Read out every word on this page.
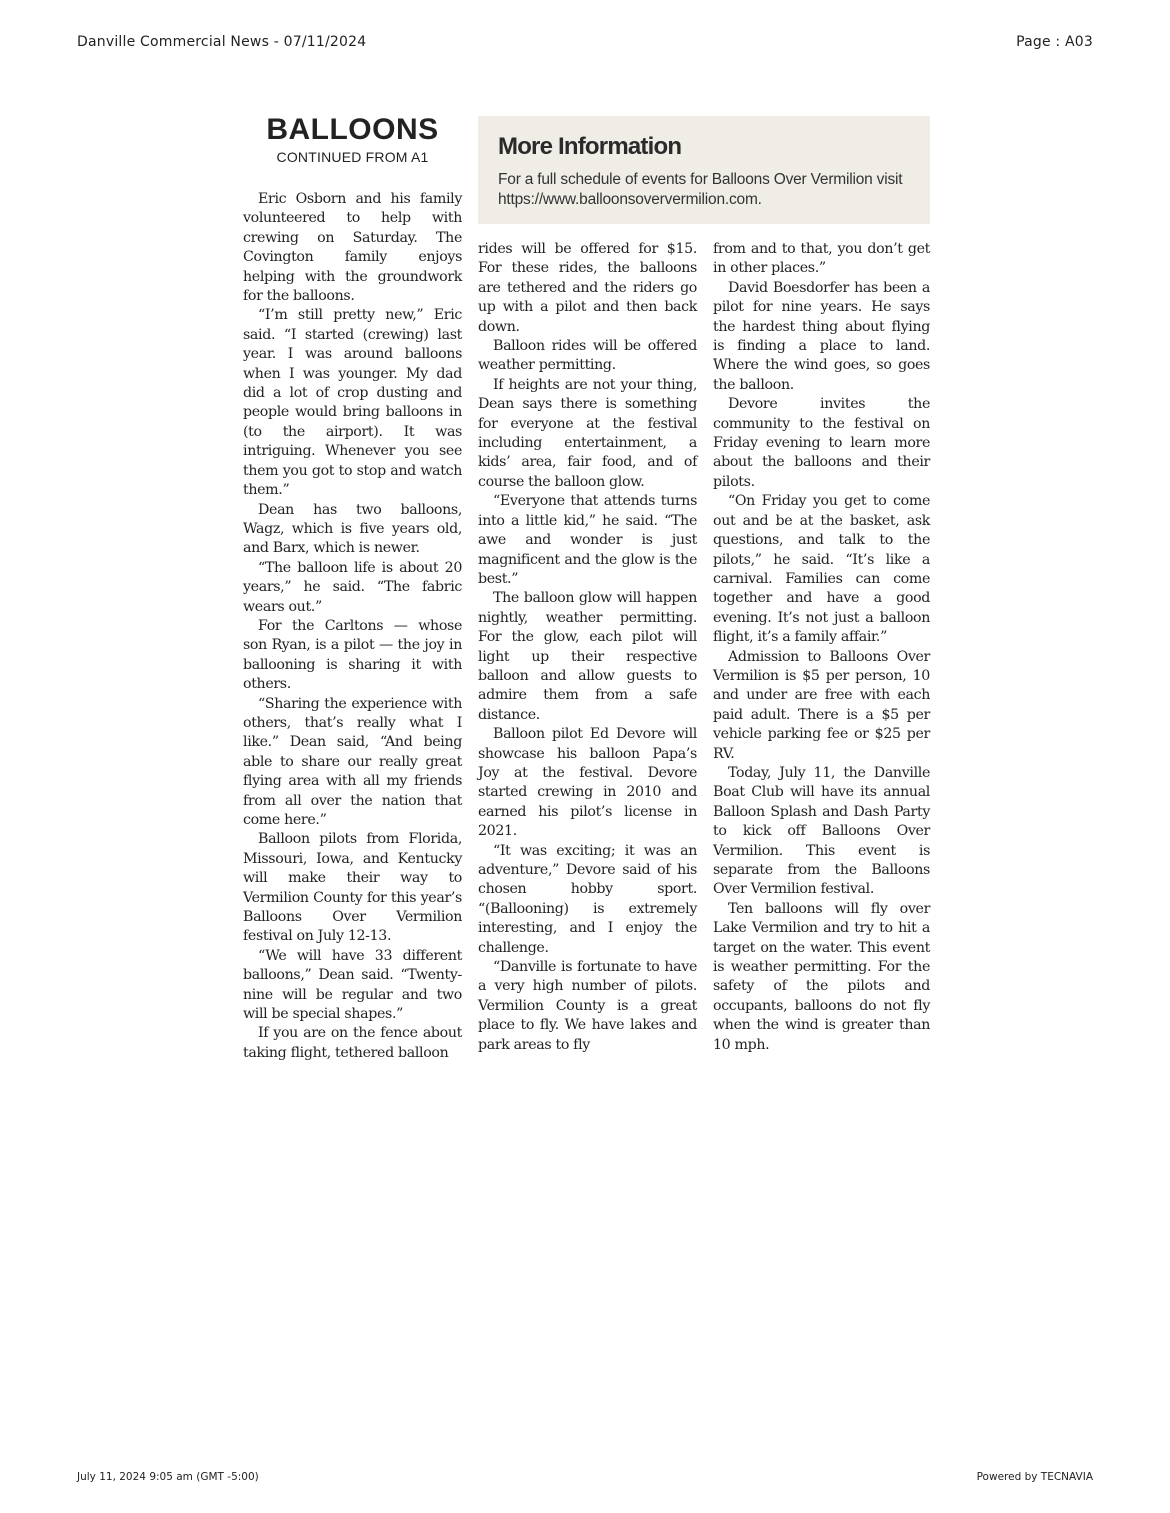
Danville Commercial News - 07/11/2024	Page : A03
BALLOONS
CONTINUED FROM A1	More Information
For a full schedule of events for Balloons Over Vermilion visit https://www.balloonsoververmilion.com.

Eric Osborn and his family volunteered to help with crewing on Saturday. The Covington family enjoys helping with the groundwork for the balloons.

“I’m still pretty new,” Eric said. “I started (crewing) last year. I was around balloons when I was younger. My dad did a lot of crop dusting and people would bring balloons in (to the airport). It was intriguing. Whenever you see them you got to stop and watch them.”

Dean has two balloons, Wagz, which is five years old, and Barx, which is newer.

“The balloon life is about 20 years,” he said. “The fabric wears out.”

For the Carltons — whose son Ryan, is a pilot — the joy in ballooning is sharing it with others.

“Sharing the experience with others, that’s really what I like.” Dean said, “And being able to share our really great flying area with all my friends from all over the nation that come here.”

Balloon pilots from Florida, Missouri, Iowa, and Kentucky will make their way to Vermilion County for this year’s Balloons Over Vermilion festival on July 12-13.

“We will have 33 different balloons,” Dean said. “Twenty-nine will be regular and two will be special shapes.”

If you are on the fence about taking flight, tethered balloon

rides will be offered for $15. For these rides, the balloons are tethered and the riders go up with a pilot and then back down.

Balloon rides will be offered weather permitting.

If heights are not your thing, Dean says there is something for everyone at the festival including entertainment, a kids’ area, fair food, and of course the balloon glow.

“Everyone that attends turns into a little kid,” he said. “The awe and wonder is just magnificent and the glow is the best.”

The balloon glow will happen nightly, weather permitting. For the glow, each pilot will light up their respective balloon and allow guests to admire them from a safe distance.

Balloon pilot Ed Devore will showcase his balloon Papa’s Joy at the festival. Devore started crewing in 2010 and earned his pilot’s license in 2021.

“It was exciting; it was an adventure,” Devore said of his chosen hobby sport. “(Ballooning) is extremely interesting, and I enjoy the challenge.

“Danville is fortunate to have a very high number of pilots. Vermilion County is a great place to fly. We have lakes and park areas to fly

from and to that, you don’t get in other places.”

David Boesdorfer has been a pilot for nine years. He says the hardest thing about flying is finding a place to land. Where the wind goes, so goes the balloon.

Devore invites the community to the festival on Friday evening to learn more about the balloons and their pilots.

“On Friday you get to come out and be at the basket, ask questions, and talk to the pilots,” he said. “It’s like a carnival. Families can come together and have a good evening. It’s not just a balloon flight, it’s a family affair.”

Admission to Balloons Over Vermilion is $5 per person, 10 and under are free with each paid adult. There is a $5 per vehicle parking fee or $25 per RV.

Today, July 11, the Danville Boat Club will have its annual Balloon Splash and Dash Party to kick off Balloons Over Vermilion. This event is separate from the Balloons Over Vermilion festival.

Ten balloons will fly over Lake Vermilion and try to hit a target on the water. This event is weather permitting. For the safety of the pilots and occupants, balloons do not fly when the wind is greater than 10 mph.

July 11, 2024 9:05 am (GMT -5:00)	Powered by TECNAVIA
